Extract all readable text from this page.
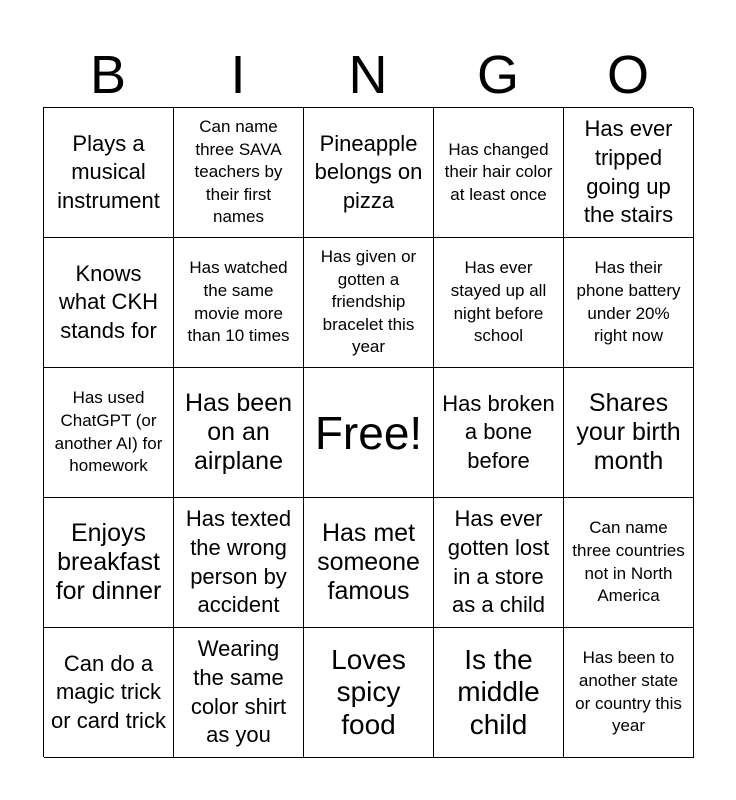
B	I	N	G	O
Plays a musical instrument
Can name three SAVA teachers by their first names
Pineapple belongs on pizza
Has changed their hair color at least once
Has ever tripped going up the stairs
Knows what CKH stands for
Has watched the same movie more than 10 times
Has given or gotten a friendship bracelet this year
Has ever stayed up all night before school
Has their phone battery under 20% right now
Has used ChatGPT (or another AI) for homework
Has been on an airplane
Free!
Has broken a bone before
Shares your birth month
Enjoys breakfast for dinner
Has texted the wrong person by accident
Has met someone famous
Has ever gotten lost in a store as a child
Can name three countries not in North America
Can do a magic trick or card trick
Wearing the same color shirt as you
Loves spicy food
Is the middle child
Has been to another state or country this year
